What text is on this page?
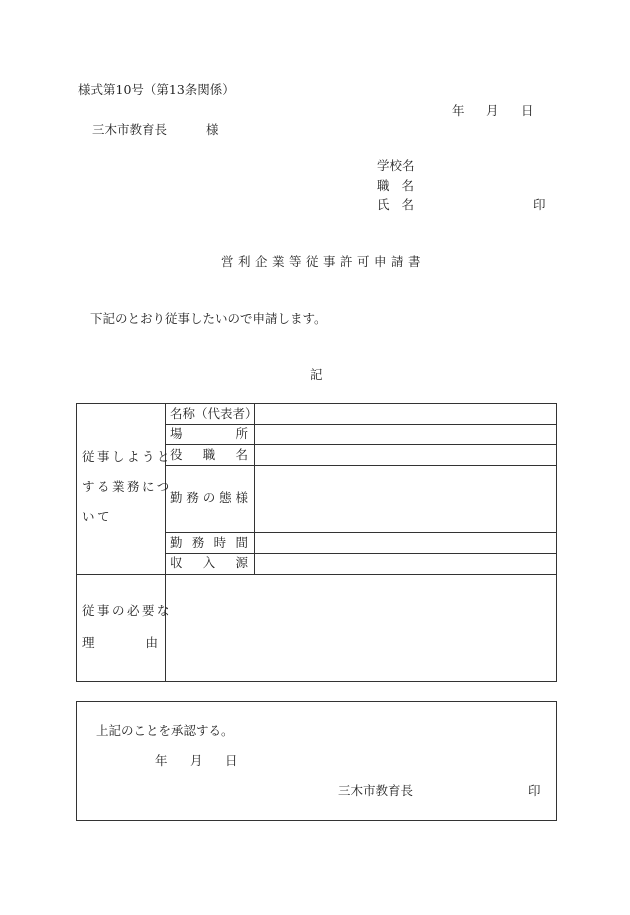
様式第10号（第13条関係）
年 月 日
三木市教育長	様
学校名
職 名
氏 名	印
営利企業等従事許可申請書
下記のとおり従事したいので申請します。
記
従事しようと
する業務につ
いて
名称（代表者）
場	所
役 職 名
勤 務 の 態 様
勤 務 時 間
収 入 源
従事の必要な
理	由
上記のことを承認する。
年 月 日
三木市教育長	印
